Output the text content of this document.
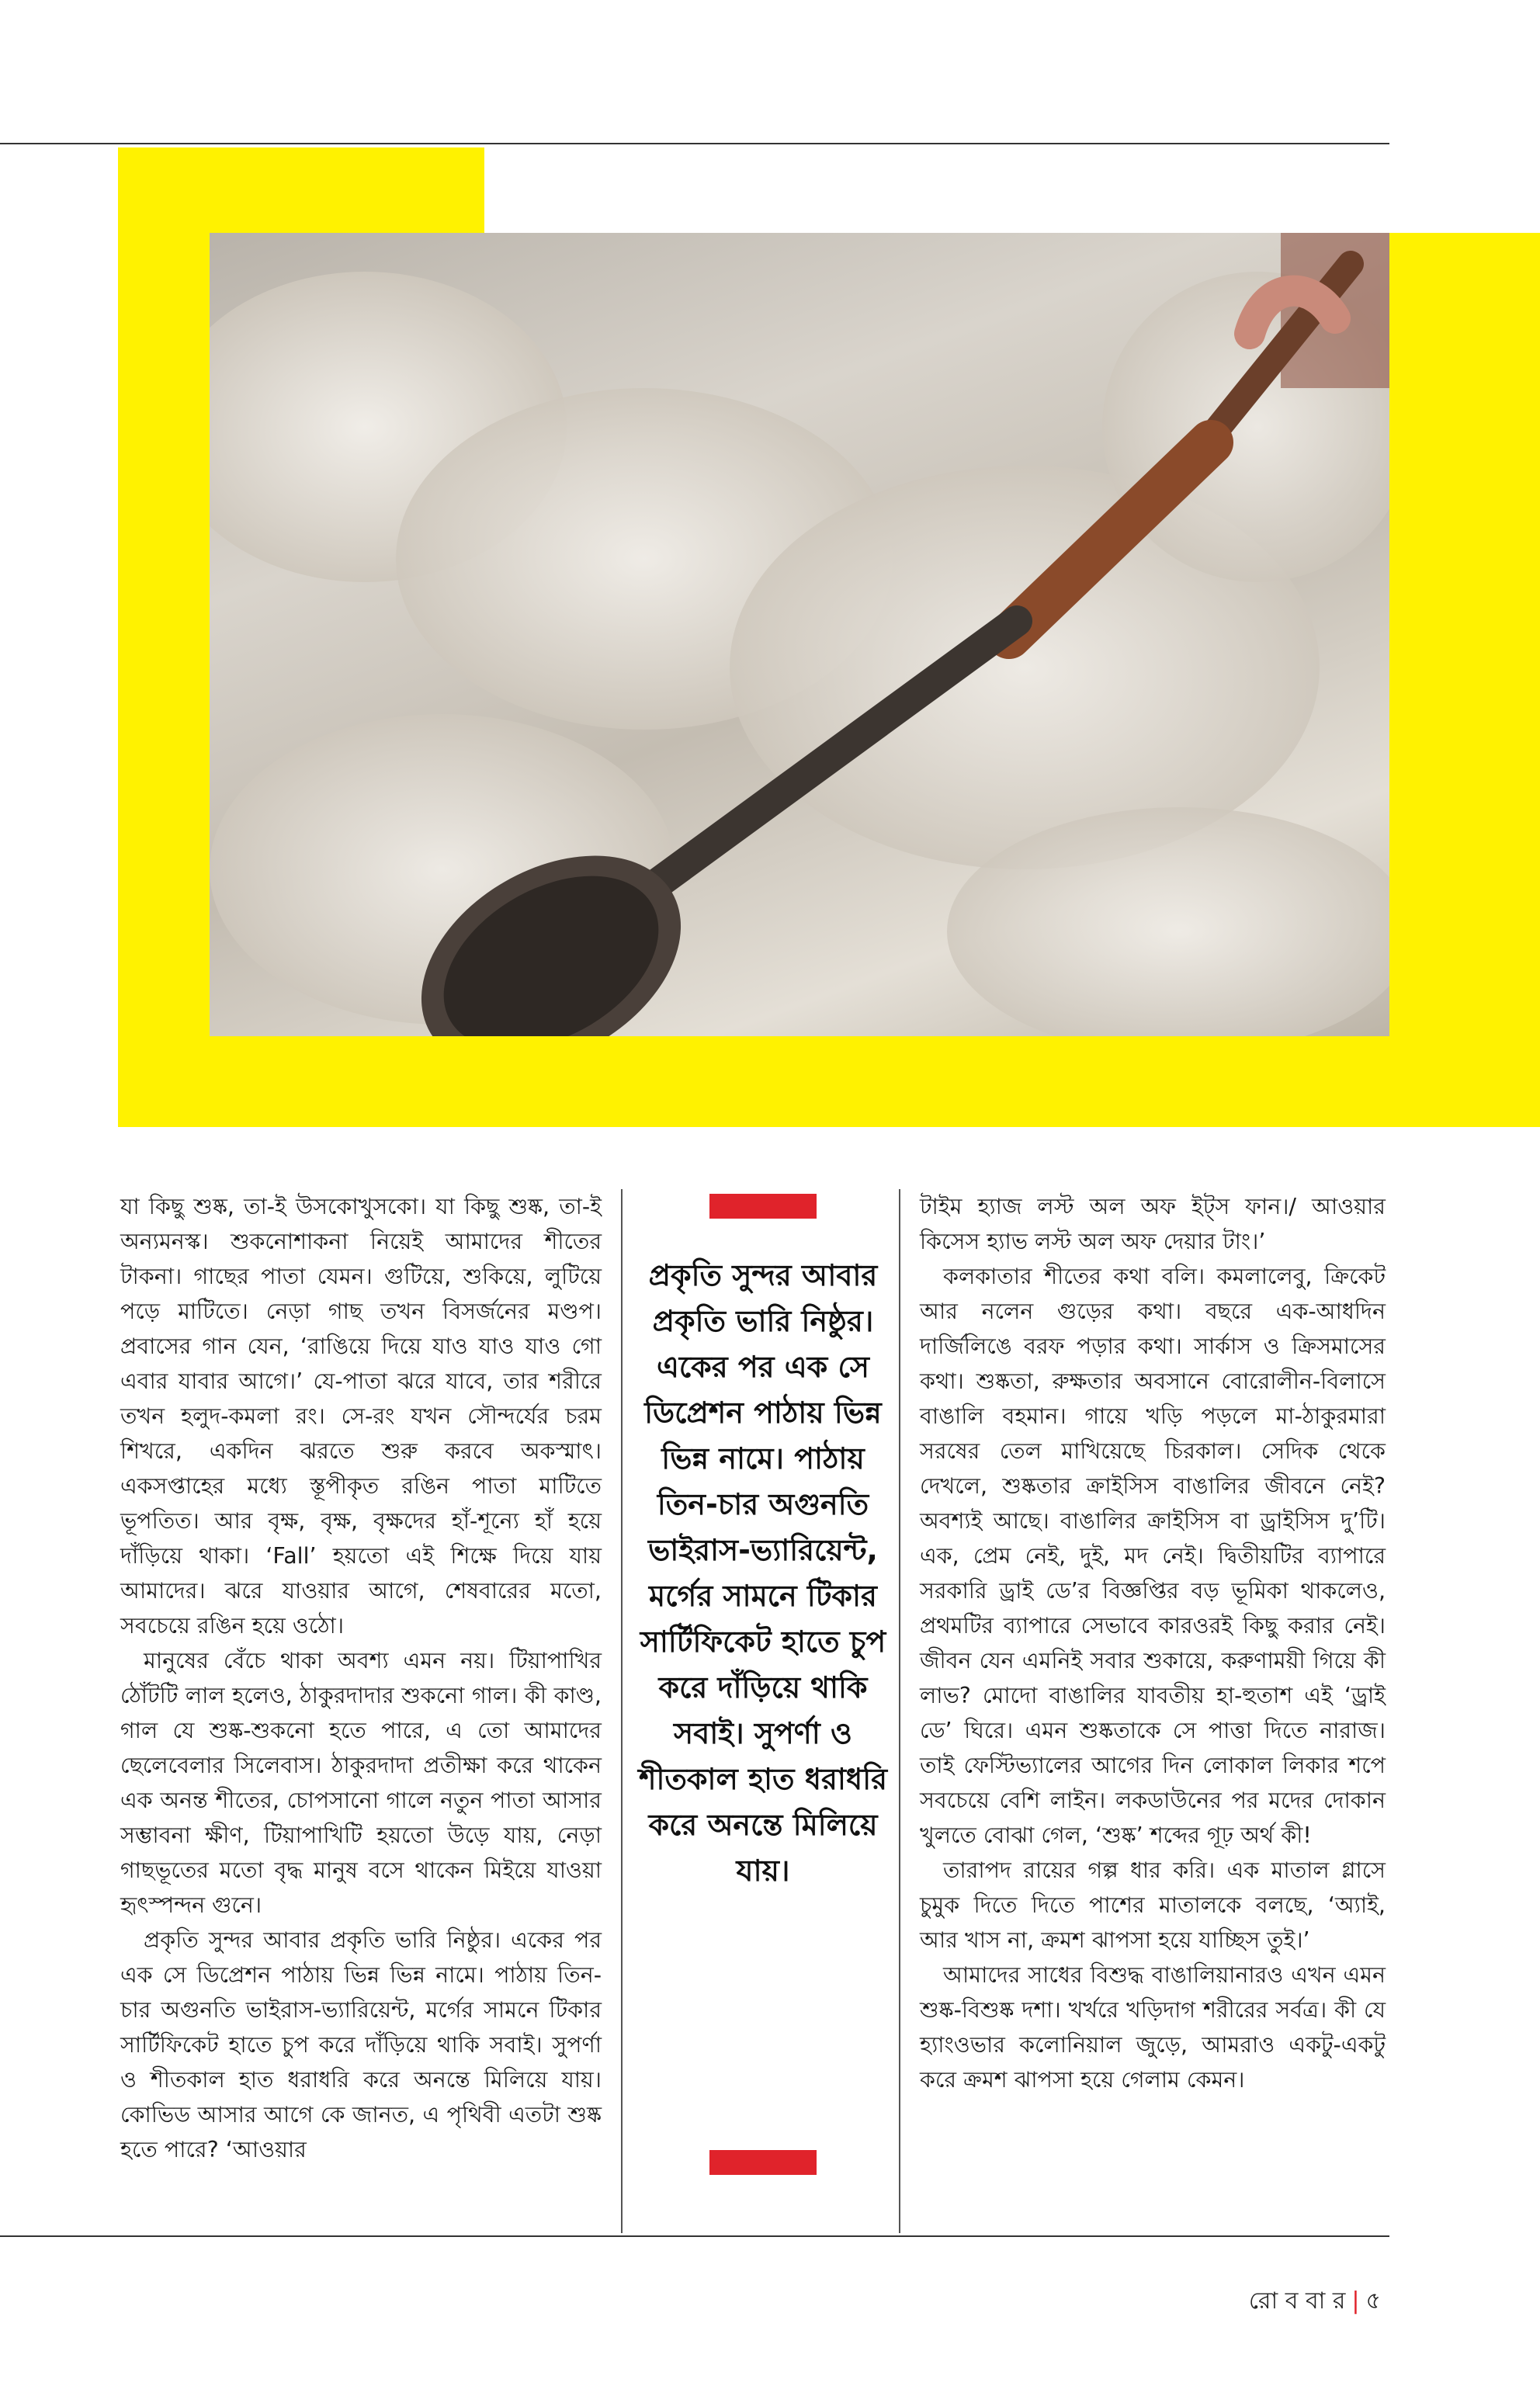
যা কিছু শুষ্ক, তা-ই উসকোখুসকো। যা কিছু শুষ্ক, তা-ই অন্যমনস্ক। শুকনোশাকনা নিয়েই আমাদের শীতের টাকনা। গাছের পাতা যেমন। গুটিয়ে, শুকিয়ে, লুটিয়ে পড়ে মাটিতে। নেড়া গাছ তখন বিসর্জনের মণ্ডপ। প্রবাসের গান যেন, ‘রাঙিয়ে দিয়ে যাও যাও যাও গো এবার যাবার আগে।’ যে-পাতা ঝরে যাবে, তার শরীরে তখন হলুদ-কমলা রং। সে-রং যখন সৌন্দর্যের চরম শিখরে, একদিন ঝরতে শুরু করবে অকস্মাৎ। একসপ্তাহের মধ্যে স্তূপীকৃত রঙিন পাতা মাটিতে ভূপতিত। আর বৃক্ষ, বৃক্ষ, বৃক্ষদের হাঁ-শূন্যে হাঁ হয়ে দাঁড়িয়ে থাকা। ‘Fall’ হয়তো এই শিক্ষে দিয়ে যায় আমাদের। ঝরে যাওয়ার আগে, শেষবারের মতো, সবচেয়ে রঙিন হয়ে ওঠো।

মানুষের বেঁচে থাকা অবশ্য এমন নয়। টিয়াপাখির ঠোঁটটি লাল হলেও, ঠাকুরদাদার শুকনো গাল। কী কাণ্ড, গাল যে শুষ্ক-শুকনো হতে পারে, এ তো আমাদের ছেলেবেলার সিলেবাস। ঠাকুরদাদা প্রতীক্ষা করে থাকেন এক অনন্ত শীতের, চোপসানো গালে নতুন পাতা আসার সম্ভাবনা ক্ষীণ, টিয়াপাখিটি হয়তো উড়ে যায়, নেড়া গাছভূতের মতো বৃদ্ধ মানুষ বসে থাকেন মিইয়ে যাওয়া হৃৎস্পন্দন গুনে।

প্রকৃতি সুন্দর আবার প্রকৃতি ভারি নিষ্ঠুর। একের পর এক সে ডিপ্রেশন পাঠায় ভিন্ন ভিন্ন নামে। পাঠায় তিন-চার অগুনতি ভাইরাস-ভ্যারিয়েন্ট, মর্গের সামনে টিকার সার্টিফিকেট হাতে চুপ করে দাঁড়িয়ে থাকি সবাই। সুপর্ণা ও শীতকাল হাত ধরাধরি করে অনন্তে মিলিয়ে যায়। কোভিড আসার আগে কে জানত, এ পৃথিবী এতটা শুষ্ক হতে পারে? ‘আওয়ার

প্রকৃতি সুন্দর আবার প্রকৃতি ভারি নিষ্ঠুর। একের পর এক সে ডিপ্রেশন পাঠায় ভিন্ন ভিন্ন নামে। পাঠায় তিন-চার অগুনতি ভাইরাস-ভ্যারিয়েন্ট, মর্গের সামনে টিকার সার্টিফিকেট হাতে চুপ করে দাঁড়িয়ে থাকি সবাই। সুপর্ণা ও শীতকাল হাত ধরাধরি করে অনন্তে মিলিয়ে যায়।

টাইম হ্যাজ লস্ট অল অফ ইট্স ফান।/ আওয়ার কিসেস হ্যাভ লস্ট অল অফ দেয়ার টাং।’

কলকাতার শীতের কথা বলি। কমলালেবু, ক্রিকেট আর নলেন গুড়ের কথা। বছরে এক-আধদিন দার্জিলিঙে বরফ পড়ার কথা। সার্কাস ও ক্রিসমাসের কথা। শুষ্কতা, রুক্ষতার অবসানে বোরোলীন-বিলাসে বাঙালি বহমান। গায়ে খড়ি পড়লে মা-ঠাকুরমারা সরষের তেল মাখিয়েছে চিরকাল। সেদিক থেকে দেখলে, শুষ্কতার ক্রাইসিস বাঙালির জীবনে নেই? অবশ্যই আছে। বাঙালির ক্রাইসিস বা ড্রাইসিস দু’টি। এক, প্রেম নেই, দুই, মদ নেই। দ্বিতীয়টির ব্যাপারে সরকারি ড্রাই ডে’র বিজ্ঞপ্তির বড় ভূমিকা থাকলেও, প্রথমটির ব্যাপারে সেভাবে কারওরই কিছু করার নেই। জীবন যেন এমনিই সবার শুকায়ে, করুণাময়ী গিয়ে কী লাভ? মোদো বাঙালির যাবতীয় হা-হুতাশ এই ‘ড্রাই ডে’ ঘিরে। এমন শুষ্কতাকে সে পাত্তা দিতে নারাজ। তাই ফেস্টিভ্যালের আগের দিন লোকাল লিকার শপে সবচেয়ে বেশি লাইন। লকডাউনের পর মদের দোকান খুলতে বোঝা গেল, ‘শুষ্ক’ শব্দের গূঢ় অর্থ কী!

তারাপদ রায়ের গল্প ধার করি। এক মাতাল গ্লাসে চুমুক দিতে দিতে পাশের মাতালকে বলছে, ‘অ্যাই, আর খাস না, ক্রমশ ঝাপসা হয়ে যাচ্ছিস তুই।’

আমাদের সাধের বিশুদ্ধ বাঙালিয়ানারও এখন এমন শুষ্ক-বিশুষ্ক দশা। খর্খরে খড়িদাগ শরীরের সর্বত্র। কী যে হ্যাংওভার কলোনিয়াল জুড়ে, আমরাও একটু-একটু করে ক্রমশ ঝাপসা হয়ে গেলাম কেমন।

রো ব বা র | ৫
